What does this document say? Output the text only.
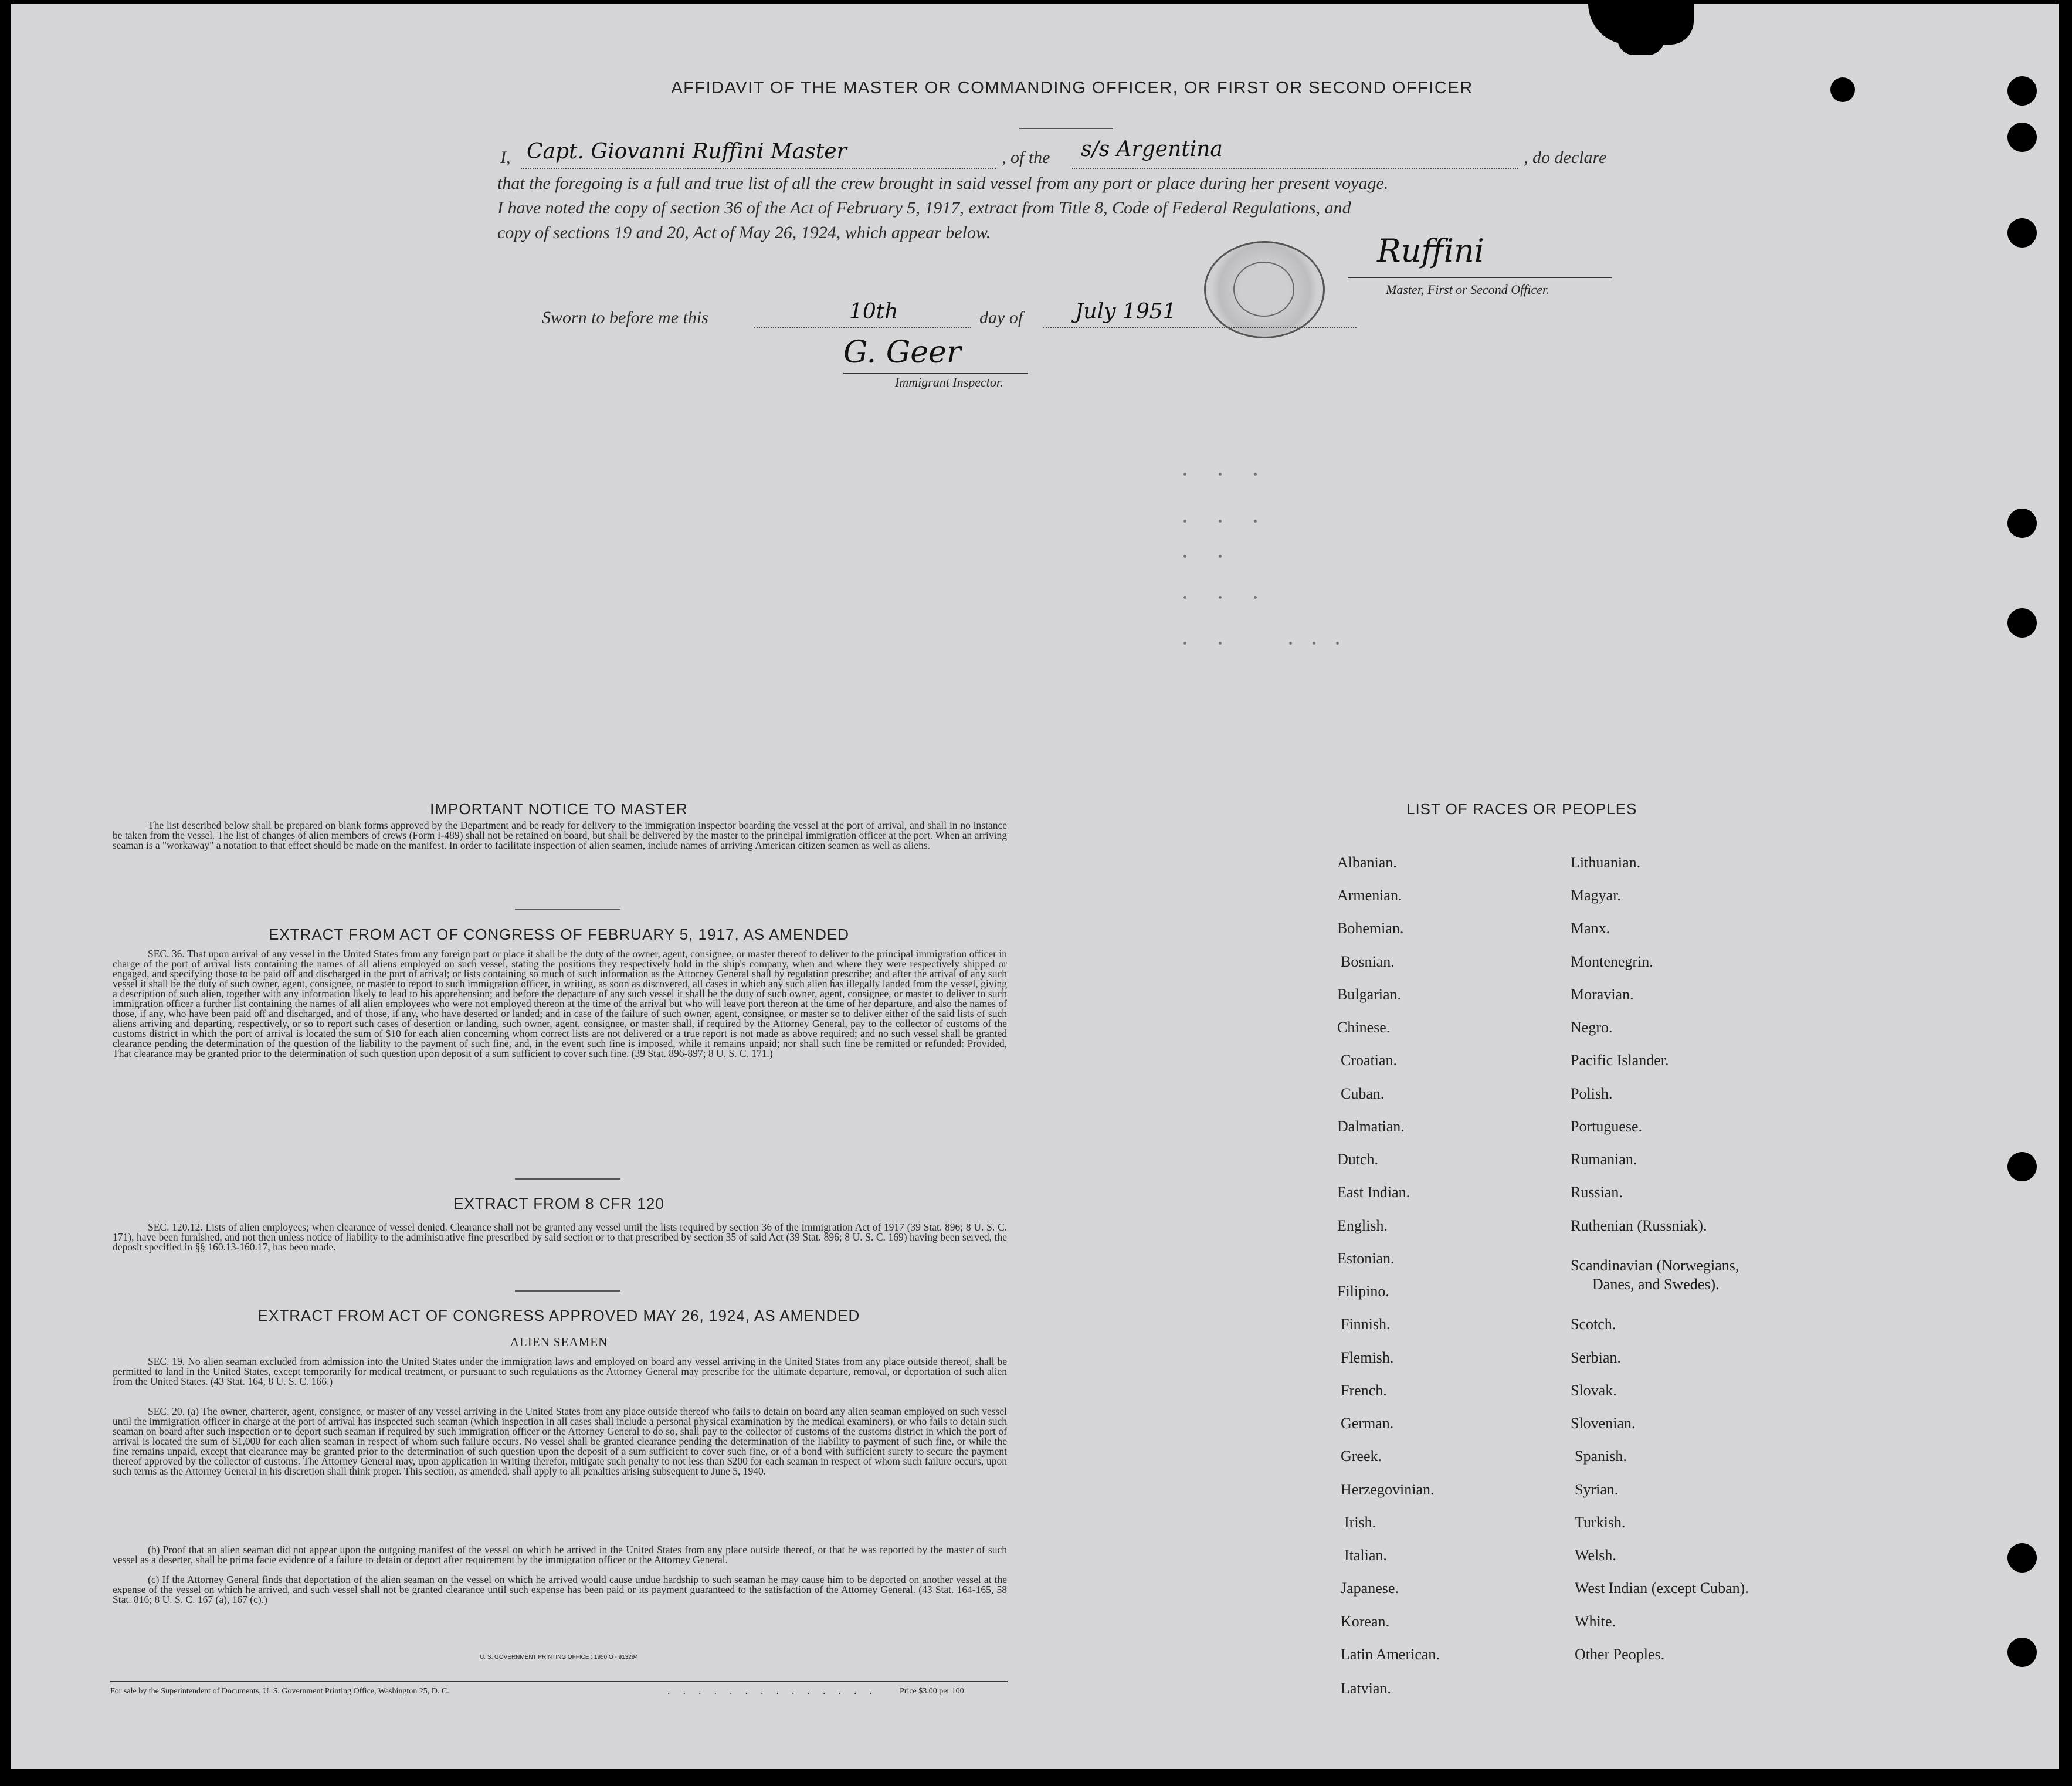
AFFIDAVIT OF THE MASTER OR COMMANDING OFFICER, OR FIRST OR SECOND OFFICER
I, Capt. Giovanni Ruffini Master	, of the s/s Argentina	, do declare
that the foregoing is a full and true list of all the crew brought in said vessel from any port or place during her present voyage.
I have noted the copy of section 36 of the Act of February 5, 1917, extract from Title 8, Code of Federal Regulations, and
copy of sections 19 and 20, Act of May 26, 1924, which appear below.	Ruffini
Master, First or Second Officer.
Sworn to before me this	10th	day of July 1951
G. Geer
Immigrant Inspector.
IMPORTANT NOTICE TO MASTER
The list described below shall be prepared on blank forms approved by the Department and be ready for delivery to the immigration inspector boarding the vessel at the port of arrival, and shall in no instance be taken from the vessel. The list of changes of alien members of crews (Form I-489) shall not be retained on board, but shall be delivered by the master to the principal immigration officer at the port. When an arriving seaman is a "workaway" a notation to that effect should be made on the manifest. In order to facilitate inspection of alien seamen, include names of arriving American citizen seamen as well as aliens.
EXTRACT FROM ACT OF CONGRESS OF FEBRUARY 5, 1917, AS AMENDED
SEC. 36. That upon arrival of any vessel in the United States from any foreign port or place it shall be the duty of the owner, agent, consignee, or master thereof to deliver to the principal immigration officer in charge of the port of arrival lists containing the names of all aliens employed on such vessel, stating the positions they respectively hold in the ship's company, when and where they were respectively shipped or engaged, and specifying those to be paid off and discharged in the port of arrival; or lists containing so much of such information as the Attorney General shall by regulation prescribe; and after the arrival of any such vessel it shall be the duty of such owner, agent, consignee, or master to report to such immigration officer, in writing, as soon as discovered, all cases in which any such alien has illegally landed from the vessel, giving a description of such alien, together with any information likely to lead to his apprehension; and before the departure of any such vessel it shall be the duty of such owner, agent, consignee, or master to deliver to such immigration officer a further list containing the names of all alien employees who were not employed thereon at the time of the arrival but who will leave port thereon at the time of her departure, and also the names of those, if any, who have been paid off and discharged, and of those, if any, who have deserted or landed; and in case of the failure of such owner, agent, consignee, or master so to deliver either of the said lists of such aliens arriving and departing, respectively, or so to report such cases of desertion or landing, such owner, agent, consignee, or master shall, if required by the Attorney General, pay to the collector of customs of the customs district in which the port of arrival is located the sum of $10 for each alien concerning whom correct lists are not delivered or a true report is not made as above required; and no such vessel shall be granted clearance pending the determination of the question of the liability to the payment of such fine, and, in the event such fine is imposed, while it remains unpaid; nor shall such fine be remitted or refunded: Provided, That clearance may be granted prior to the determination of such question upon deposit of a sum sufficient to cover such fine. (39 Stat. 896-897; 8 U. S. C. 171.)
EXTRACT FROM 8 CFR 120
SEC. 120.12. Lists of alien employees; when clearance of vessel denied. Clearance shall not be granted any vessel until the lists required by section 36 of the Immigration Act of 1917 (39 Stat. 896; 8 U. S. C. 171), have been furnished, and not then unless notice of liability to the administrative fine prescribed by said section or to that prescribed by section 35 of said Act (39 Stat. 896; 8 U. S. C. 169) having been served, the deposit specified in §§ 160.13-160.17, has been made.
EXTRACT FROM ACT OF CONGRESS APPROVED MAY 26, 1924, AS AMENDED
ALIEN SEAMEN
SEC. 19. No alien seaman excluded from admission into the United States under the immigration laws and employed on board any vessel arriving in the United States from any place outside thereof, shall be permitted to land in the United States, except temporarily for medical treatment, or pursuant to such regulations as the Attorney General may prescribe for the ultimate departure, removal, or deportation of such alien from the United States. (43 Stat. 164, 8 U. S. C. 166.)
SEC. 20. (a) The owner, charterer, agent, consignee, or master of any vessel arriving in the United States from any place outside thereof who fails to detain on board any alien seaman employed on such vessel until the immigration officer in charge at the port of arrival has inspected such seaman (which inspection in all cases shall include a personal physical examination by the medical examiners), or who fails to detain such seaman on board after such inspection or to deport such seaman if required by such immigration officer or the Attorney General to do so, shall pay to the collector of customs of the customs district in which the port of arrival is located the sum of $1,000 for each alien seaman in respect of whom such failure occurs. No vessel shall be granted clearance pending the determination of the liability to payment of such fine, or while the fine remains unpaid, except that clearance may be granted prior to the determination of such question upon the deposit of a sum sufficient to cover such fine, or of a bond with sufficient surety to secure the payment thereof approved by the collector of customs. The Attorney General may, upon application in writing therefor, mitigate such penalty to not less than $200 for each seaman in respect of whom such failure occurs, upon such terms as the Attorney General in his discretion shall think proper. This section, as amended, shall apply to all penalties arising subsequent to June 5, 1940.
(b) Proof that an alien seaman did not appear upon the outgoing manifest of the vessel on which he arrived in the United States from any place outside thereof, or that he was reported by the master of such vessel as a deserter, shall be prima facie evidence of a failure to detain or deport after requirement by the immigration officer or the Attorney General.
(c) If the Attorney General finds that deportation of the alien seaman on the vessel on which he arrived would cause undue hardship to such seaman he may cause him to be deported on another vessel at the expense of the vessel on which he arrived, and such vessel shall not be granted clearance until such expense has been paid or its payment guaranteed to the satisfaction of the Attorney General. (43 Stat. 164-165, 58 Stat. 816; 8 U. S. C. 167 (a), 167 (c).)
U. S. GOVERNMENT PRINTING OFFICE : 1950 O - 913294
For sale by the Superintendent of Documents, U. S. Government Printing Office, Washington 25, D. C.	.............. Price $3.00 per 100
LIST OF RACES OR PEOPLES
Albanian.
Armenian.
Bohemian.
Bosnian.
Bulgarian.
Chinese.
Croatian.
Cuban.
Dalmatian.
Dutch.
East Indian.
English.
Estonian.
Filipino.
Finnish.
Flemish.
French.
German.
Greek.
Herzegovinian.
Irish.
Italian.
Japanese.
Korean.
Latin American.
Latvian.
Lithuanian.
Magyar.
Manx.
Montenegrin.
Moravian.
Negro.
Pacific Islander.
Polish.
Portuguese.
Rumanian.
Russian.
Ruthenian (Russniak).
Scandinavian (Norwegians,
Danes, and Swedes).
Scotch.
Serbian.
Slovak.
Slovenian.
Spanish.
Syrian.
Turkish.
Welsh.
West Indian (except Cuban).
White.
Other Peoples.
